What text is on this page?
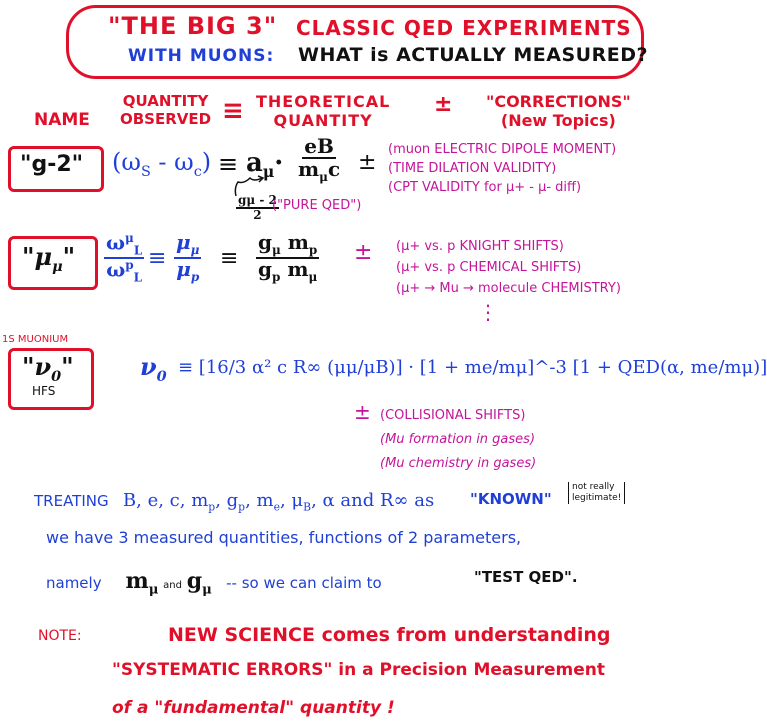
"THE BIG 3" CLASSIC QED EXPERIMENTS
WITH MUONS: WHAT is ACTUALLY MEASURED?
NAME
QUANTITY
OBSERVED ≡ THEORETICAL
QUANTITY
± "CORRECTIONS"
(New Topics)
"g-2" $(\omega_S - \omega_c) \equiv a_\mu\cdot \frac{eB}{m_\mu c}$ ±
$\frac{g\mu - 2}{2}$
("PURE QED")
(muon ELECTRIC DIPOLE MOMENT)
(TIME DILATION VALIDITY)
(CPT VALIDITY for μ+ - μ- diff)
"$\mu_\mu$" $\frac{\omega^\mu_L}{\omega^p_L} \equiv \frac{\mu_\mu}{\mu_p} \equiv \frac{g_\mu m_p}{g_p m_\mu} \pm (\mu+$ vs. p KNIGHT SHIFTS)
(μ+ vs. p CHEMICAL SHIFTS)
(μ+ → Mu → molecule CHEMISTRY)
⋮
1S MUONIUM
"$\nu_0$"
HFS
$\nu_0 \equiv [16/3$ α² c R∞ (μμ/μB)] · [1 + me/mμ]^-3 [1 + QED(α, me/mμ)]
± (COLLISIONAL SHIFTS)
(Mu formation in gases)
(Mu chemistry in gases)
TREATING B, e, c, $m_p$, $g_p$, $m_e$, $\mu_B$, α and R∞ as "KNOWN"
not really
legitimate!
we have 3 measured quantities, functions of 2 parameters,
namely $m_\mu$ and $g_\mu$ -- so we can claim to	"TEST QED".
NOTE:	NEW SCIENCE comes from understanding
"SYSTEMATIC ERRORS" in a Precision Measurement
of a "fundamental" quantity !
